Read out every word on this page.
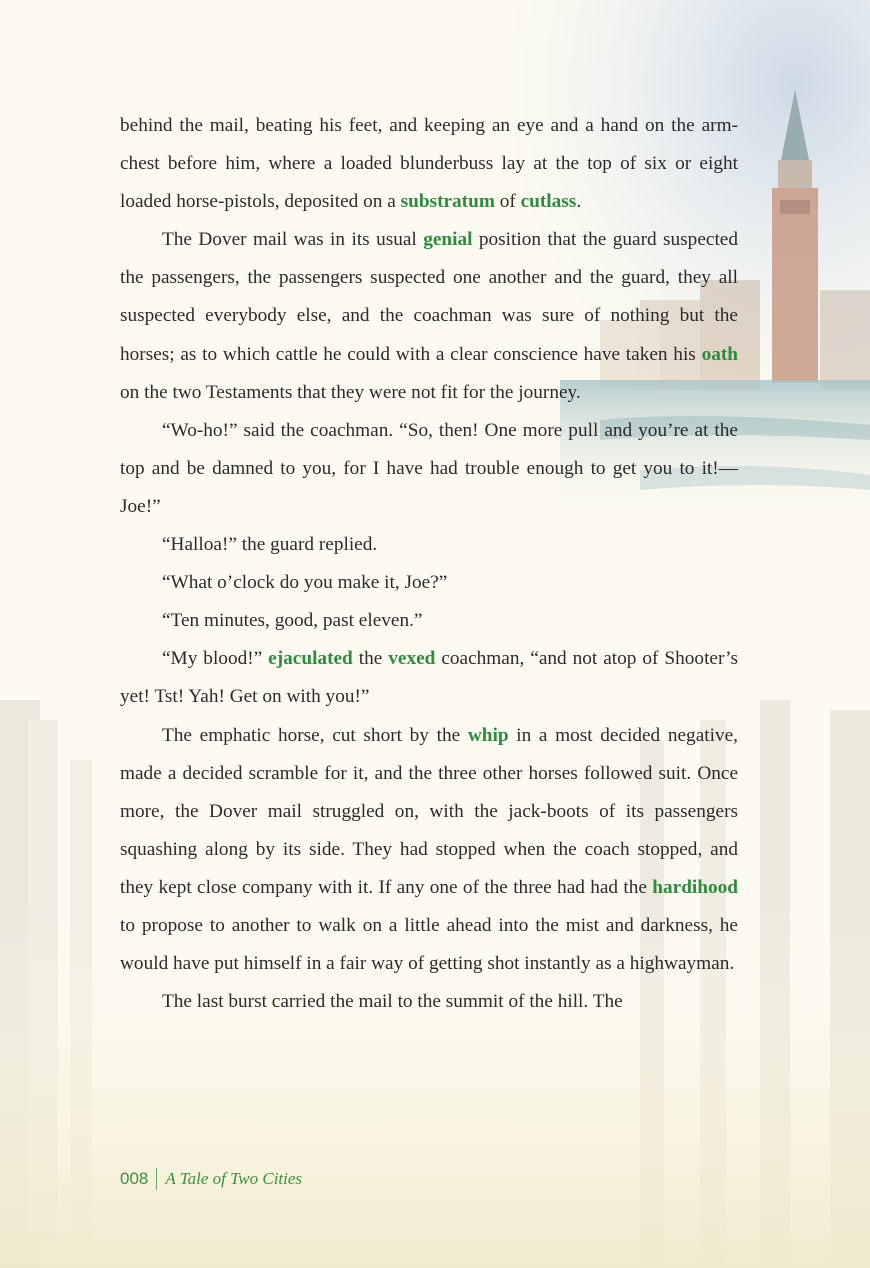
behind the mail, beating his feet, and keeping an eye and a hand on the arm-chest before him, where a loaded blunderbuss lay at the top of six or eight loaded horse-pistols, deposited on a substratum of cutlass.

The Dover mail was in its usual genial position that the guard suspected the passengers, the passengers suspected one another and the guard, they all suspected everybody else, and the coachman was sure of nothing but the horses; as to which cattle he could with a clear conscience have taken his oath on the two Testaments that they were not fit for the journey.

“Wo-ho!” said the coachman. “So, then! One more pull and you’re at the top and be damned to you, for I have had trouble enough to get you to it!—Joe!”

“Halloa!” the guard replied.

“What o’clock do you make it, Joe?”

“Ten minutes, good, past eleven.”

“My blood!” ejaculated the vexed coachman, “and not atop of Shooter’s yet! Tst! Yah! Get on with you!”

The emphatic horse, cut short by the whip in a most decided negative, made a decided scramble for it, and the three other horses followed suit. Once more, the Dover mail struggled on, with the jack-boots of its passengers squashing along by its side. They had stopped when the coach stopped, and they kept close company with it. If any one of the three had had the hardihood to propose to another to walk on a little ahead into the mist and darkness, he would have put himself in a fair way of getting shot instantly as a highwayman.

The last burst carried the mail to the summit of the hill. The

008 A Tale of Two Cities
